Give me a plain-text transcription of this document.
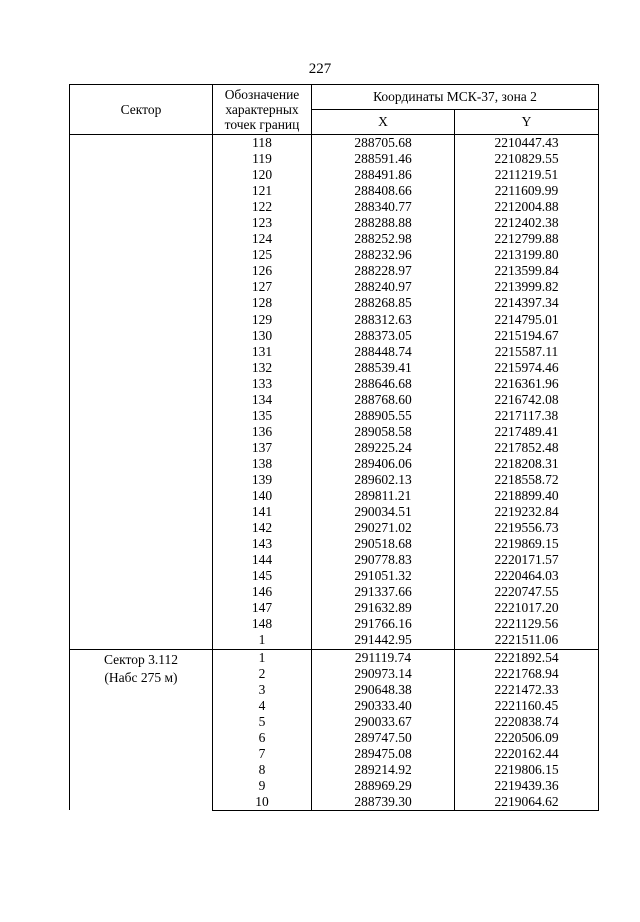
227
Сектор	Обозначение характерных точек границ	Координаты МСК-37, зона 2	
		X	Y
	118	288705.68	2210447.43
	119	288591.46	2210829.55
	120	288491.86	2211219.51
	121	288408.66	2211609.99
	122	288340.77	2212004.88
	123	288288.88	2212402.38
	124	288252.98	2212799.88
	125	288232.96	2213199.80
	126	288228.97	2213599.84
	127	288240.97	2213999.82
	128	288268.85	2214397.34
	129	288312.63	2214795.01
	130	288373.05	2215194.67
	131	288448.74	2215587.11
	132	288539.41	2215974.46
	133	288646.68	2216361.96
	134	288768.60	2216742.08
	135	288905.55	2217117.38
	136	289058.58	2217489.41
	137	289225.24	2217852.48
	138	289406.06	2218208.31
	139	289602.13	2218558.72
	140	289811.21	2218899.40
	141	290034.51	2219232.84
	142	290271.02	2219556.73
	143	290518.68	2219869.15
	144	290778.83	2220171.57
	145	291051.32	2220464.03
	146	291337.66	2220747.55
	147	291632.89	2221017.20
	148	291766.16	2221129.56
	1	291442.95	2221511.06

Сектор 3.112
(Набс 275 м)	1	291119.74	2221892.54
	2	290973.14	2221768.94
	3	290648.38	2221472.33
	4	290333.40	2221160.45
	5	290033.67	2220838.74
	6	289747.50	2220506.09
	7	289475.08	2220162.44
	8	289214.92	2219806.15
	9	288969.29	2219439.36
	10	288739.30	2219064.62
